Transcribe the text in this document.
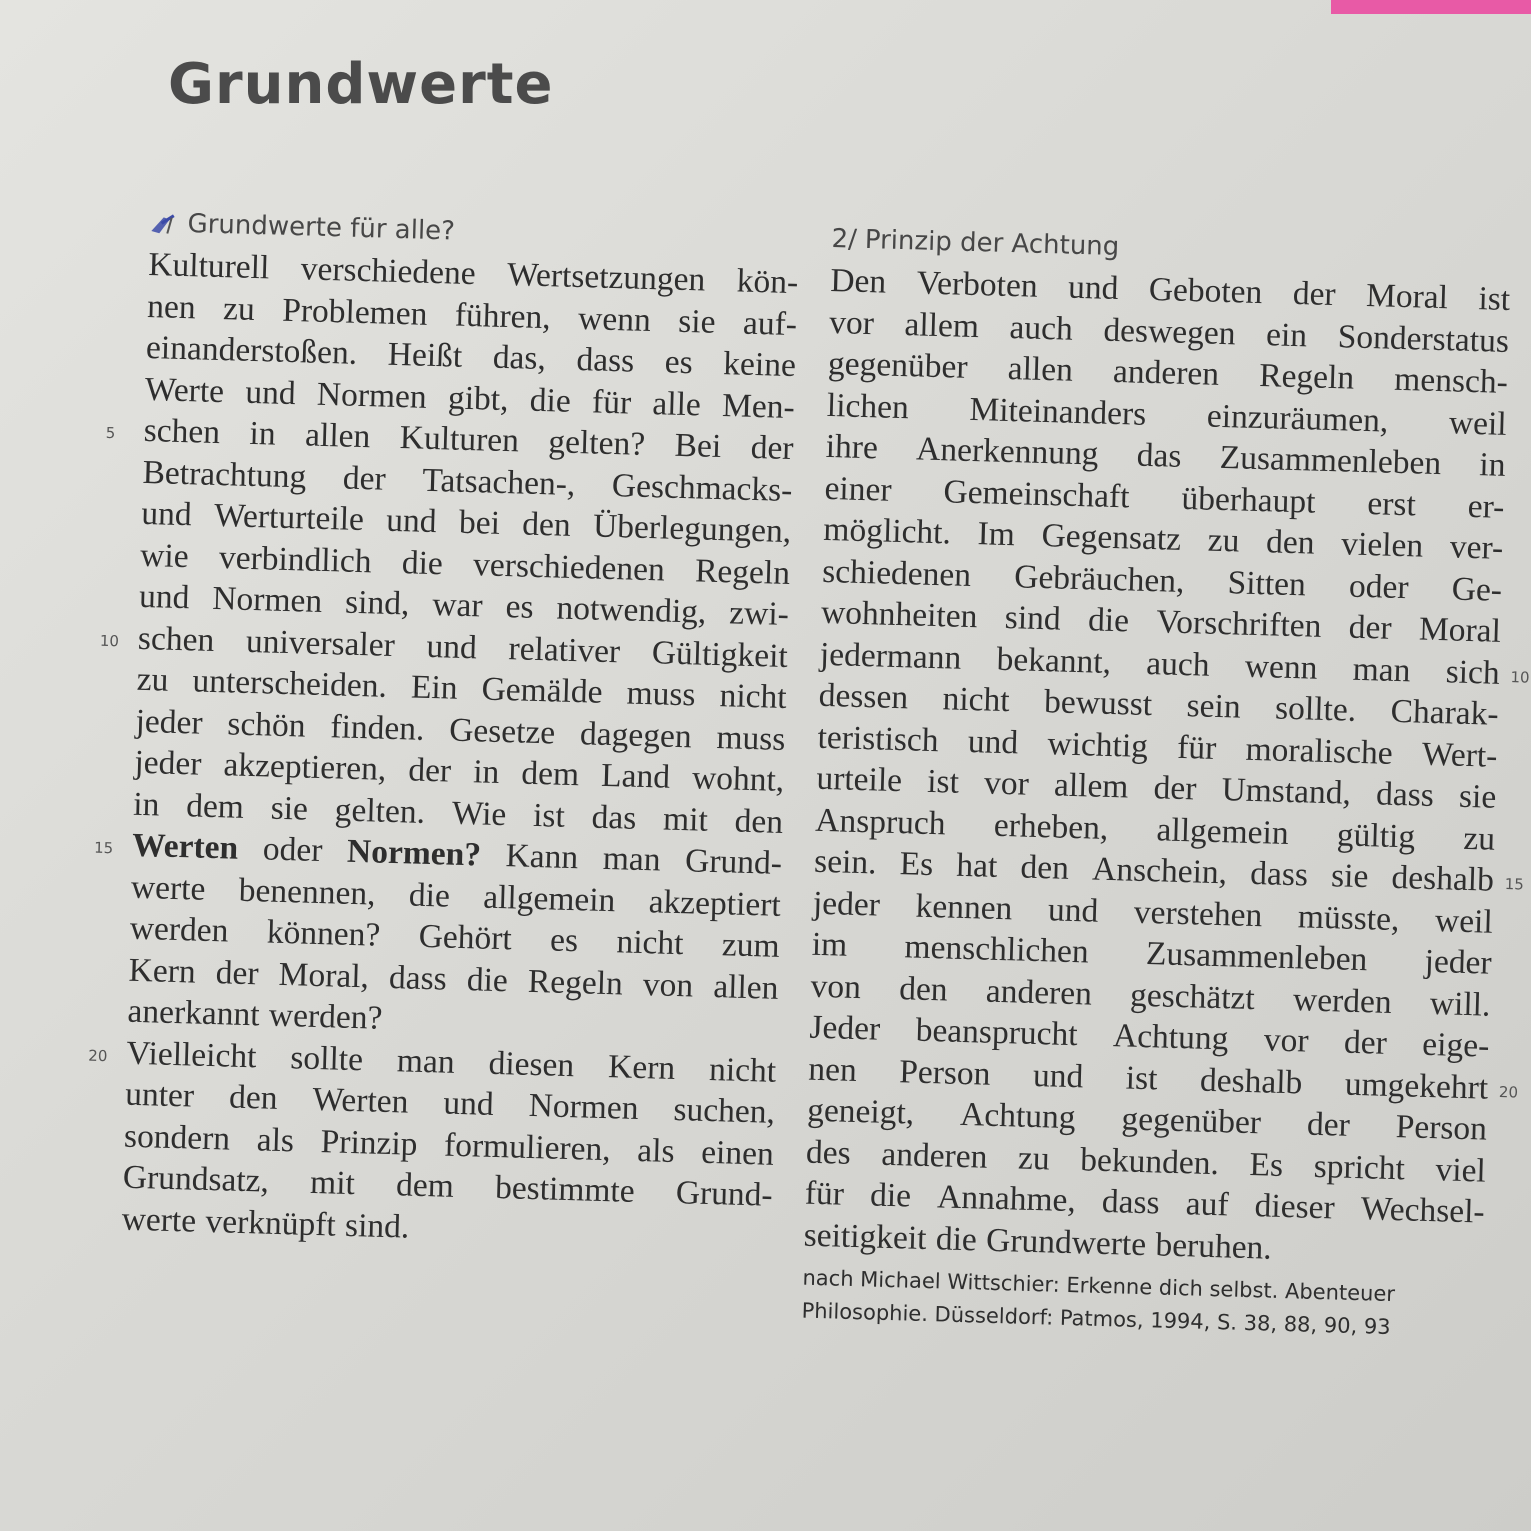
Grundwerte
Grundwerte für alle?
Kulturell verschiedene Wertsetzungen kön-
nen zu Problemen führen, wenn sie auf-
einanderstoßen. Heißt das, dass es keine
Werte und Normen gibt, die für alle Men-
schen in allen Kulturen gelten? Bei der
5
Betrachtung der Tatsachen-, Geschmacks-
und Werturteile und bei den Überlegungen,
wie verbindlich die verschiedenen Regeln
und Normen sind, war es notwendig, zwi-
schen universaler und relativer Gültigkeit
10
zu unterscheiden. Ein Gemälde muss nicht
jeder schön finden. Gesetze dagegen muss
jeder akzeptieren, der in dem Land wohnt,
in dem sie gelten. Wie ist das mit den
Werten oder Normen? Kann man Grund-
15
werte benennen, die allgemein akzeptiert
werden können? Gehört es nicht zum
Kern der Moral, dass die Regeln von allen
anerkannt werden?
Vielleicht sollte man diesen Kern nicht
20
unter den Werten und Normen suchen,
sondern als Prinzip formulieren, als einen
Grundsatz, mit dem bestimmte Grund-
werte verknüpft sind.
2/ Prinzip der Achtung
Den Verboten und Geboten der Moral ist
vor allem auch deswegen ein Sonderstatus
gegenüber allen anderen Regeln mensch-
lichen Miteinanders einzuräumen, weil
ihre Anerkennung das Zusammenleben in
einer Gemeinschaft überhaupt erst er-
möglicht. Im Gegensatz zu den vielen ver-
schiedenen Gebräuchen, Sitten oder Ge-
wohnheiten sind die Vorschriften der Moral
jedermann bekannt, auch wenn man sich 10
dessen nicht bewusst sein sollte. Charak-
teristisch und wichtig für moralische Wert-
urteile ist vor allem der Umstand, dass sie
Anspruch erheben, allgemein gültig zu
sein. Es hat den Anschein, dass sie deshalb 15
jeder kennen und verstehen müsste, weil
im menschlichen Zusammenleben jeder
von den anderen geschätzt werden will.
Jeder beansprucht Achtung vor der eige-
nen Person und ist deshalb umgekehrt 20
geneigt, Achtung gegenüber der Person
des anderen zu bekunden. Es spricht viel
für die Annahme, dass auf dieser Wechsel-
seitigkeit die Grundwerte beruhen.
nach Michael Wittschier: Erkenne dich selbst. Abenteuer
Philosophie. Düsseldorf: Patmos, 1994, S. 38, 88, 90, 93
